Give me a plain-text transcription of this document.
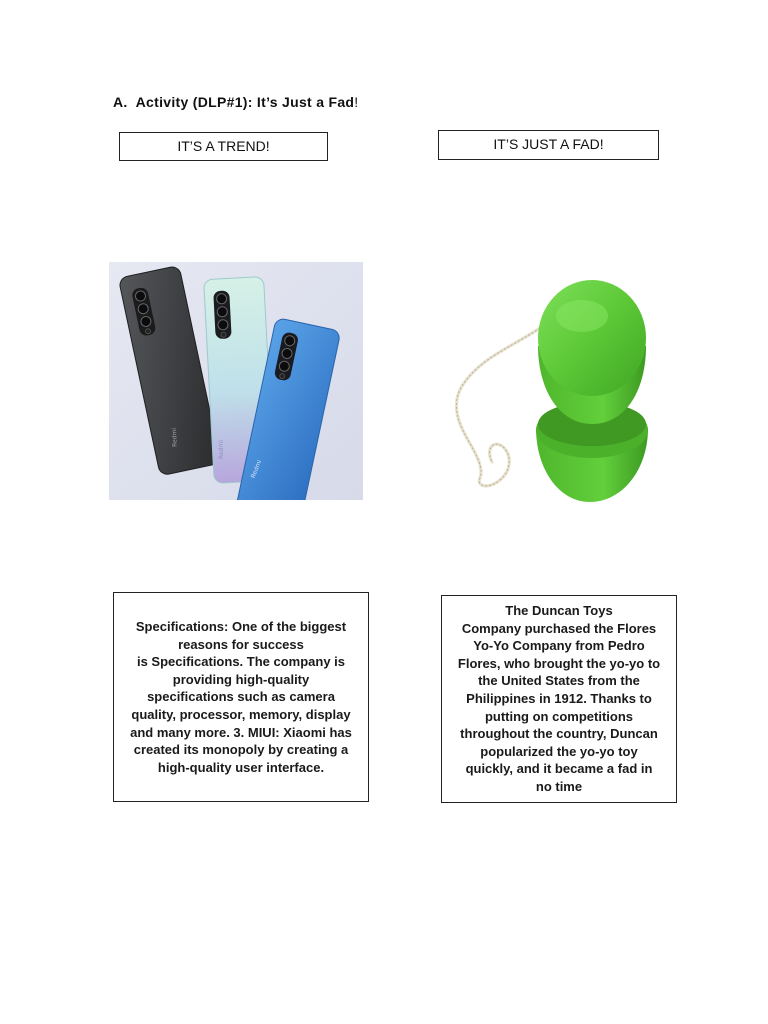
A. Activity (DLP#1): It’s Just a Fad!
IT’S A TREND!	IT’S JUST A FAD!
Redmi
Redmi
Redmi

Specifications: One of the biggest

reasons for success

is Specifications. The company is

providing high-quality

specifications such as camera

quality, processor, memory, display

and many more. 3. MIUI: Xiaomi has

created its monopoly by creating a

high-quality user interface.

The Duncan Toys

Company purchased the Flores

Yo-Yo Company from Pedro

Flores, who brought the yo-yo to

the United States from the

Philippines in 1912. Thanks to

putting on competitions

throughout the country, Duncan

popularized the yo-yo toy

quickly, and it became a fad in

no time
